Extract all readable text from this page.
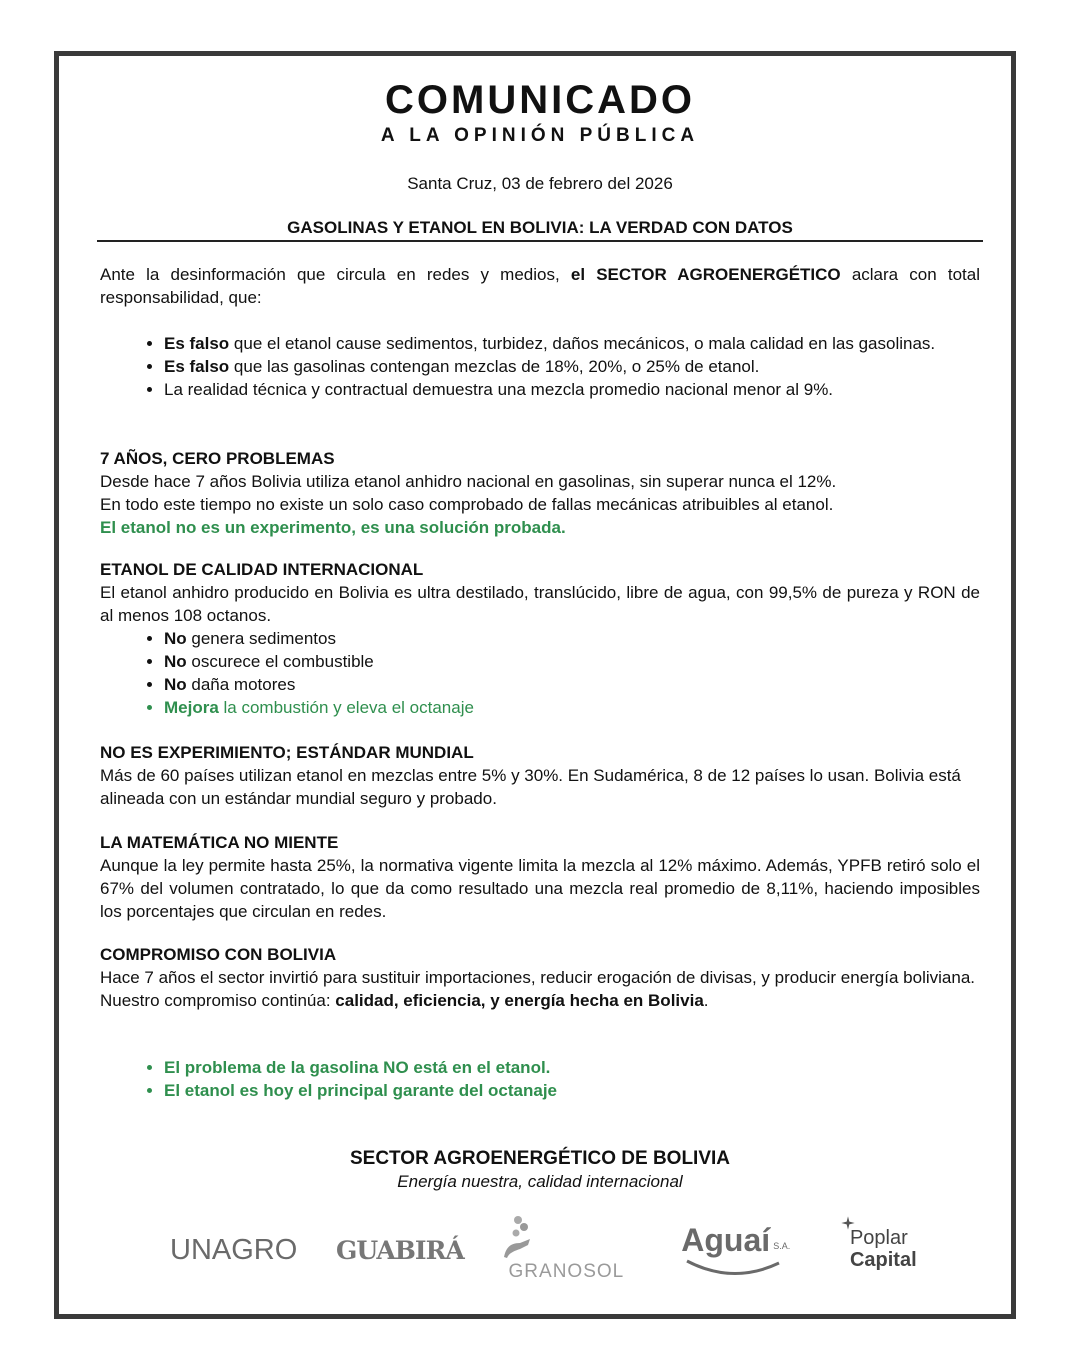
COMUNICADO
A LA OPINIÓN PÚBLICA
Santa Cruz, 03 de febrero del 2026
GASOLINAS Y ETANOL EN BOLIVIA: LA VERDAD CON DATOS
Ante la desinformación que circula en redes y medios, el SECTOR AGROENERGÉTICO aclara con total responsabilidad, que:
• Es falso que el etanol cause sedimentos, turbidez, daños mecánicos, o mala calidad en las gasolinas.
• Es falso que las gasolinas contengan mezclas de 18%, 20%, o 25% de etanol.
• La realidad técnica y contractual demuestra una mezcla promedio nacional menor al 9%.
7 AÑOS, CERO PROBLEMAS
Desde hace 7 años Bolivia utiliza etanol anhidro nacional en gasolinas, sin superar nunca el 12%.
En todo este tiempo no existe un solo caso comprobado de fallas mecánicas atribuibles al etanol.
El etanol no es un experimento, es una solución probada.
ETANOL DE CALIDAD INTERNACIONAL
El etanol anhidro producido en Bolivia es ultra destilado, translúcido, libre de agua, con 99,5% de pureza y RON de al menos 108 octanos.
• No genera sedimentos
• No oscurece el combustible
• No daña motores
• Mejora la combustión y eleva el octanaje
NO ES EXPERIMIENTO; ESTÁNDAR MUNDIAL
Más de 60 países utilizan etanol en mezclas entre 5% y 30%. En Sudamérica, 8 de 12 países lo usan. Bolivia está alineada con un estándar mundial seguro y probado.
LA MATEMÁTICA NO MIENTE
Aunque la ley permite hasta 25%, la normativa vigente limita la mezcla al 12% máximo. Además, YPFB retiró solo el 67% del volumen contratado, lo que da como resultado una mezcla real promedio de 8,11%, haciendo imposibles los porcentajes que circulan en redes.
COMPROMISO CON BOLIVIA
Hace 7 años el sector invirtió para sustituir importaciones, reducir erogación de divisas, y producir energía boliviana.
Nuestro compromiso continúa: calidad, eficiencia, y energía hecha en Bolivia.
• El problema de la gasolina NO está en el etanol.
• El etanol es hoy el principal garante del octanaje
SECTOR AGROENERGÉTICO DE BOLIVIA
Energía nuestra, calidad internacional
UNAGRO GUABIRÁ
GRANOSOL
Aguaí S.A.	Poplar
Capital
